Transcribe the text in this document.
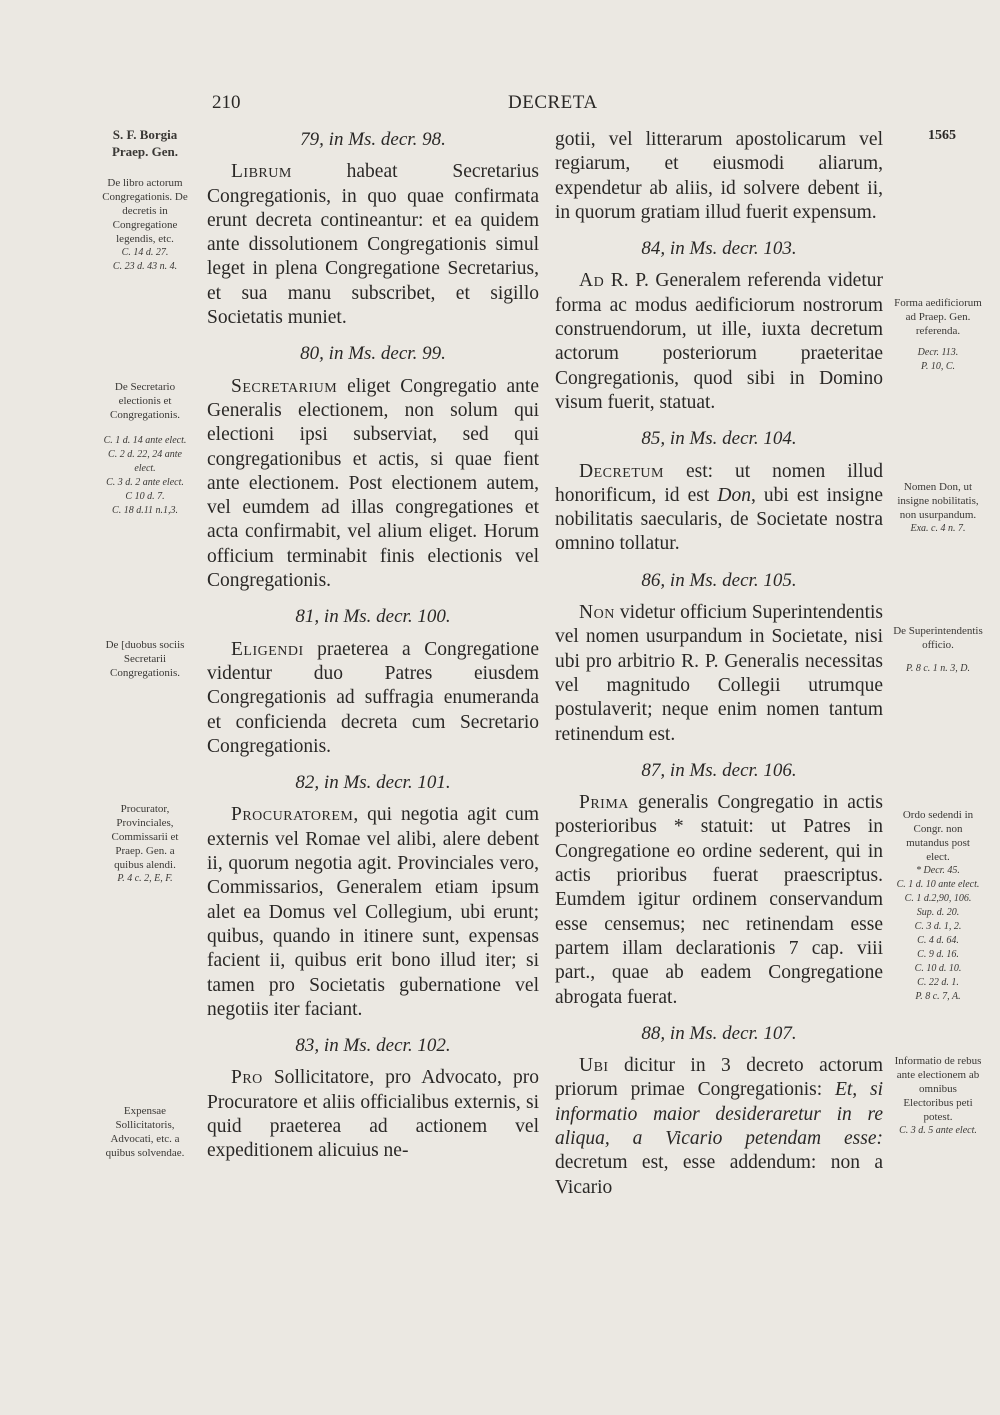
210	DECRETA
1565
S. F. Borgia Praep. Gen.
De libro actorum Congregationis. De decretis in Congregatione legendis, etc.
C. 14 d. 27.
C. 23 d. 43 n. 4.
De Secretario electionis et Congregationis.
C. 1 d. 14 ante elect.
C. 2 d. 22, 24 ante elect.
C. 3 d. 2 ante elect.
C 10 d. 7.
C. 18 d.11 n.1,3.
De [duobus sociis Secretarii Congregationis.
Procurator, Provinciales, Commissarii et Praep. Gen. a quibus alendi.
P. 4 c. 2, E, F.
Expensae Sollicitatoris, Advocati, etc. a quibus solvendae.
Forma aedificiorum ad Praep. Gen. referenda.
Decr. 113.
P. 10, C.
Nomen Don, ut insigne nobilitatis, non usurpandum.
Exa. c. 4 n. 7.
De Superintendentis officio.
P. 8 c. 1 n. 3, D.
Ordo sedendi in Congr. non mutandus post elect.
* Decr. 45.
C. 1 d. 10 ante elect.
C. 1 d.2,90, 106.
Sup. d. 20.
C. 3 d. 1, 2.
C. 4 d. 64.
C. 9 d. 16.
C. 10 d. 10.
C. 22 d. 1.
P. 8 c. 7, A.
Informatio de rebus ante electionem ab omnibus Electoribus peti potest.
C. 3 d. 5 ante elect.
79, in Ms. decr. 98.

Librum habeat Secretarius Congregationis, in quo quae confirmata erunt decreta contineantur: et ea quidem ante dissolutionem Congregationis simul leget in plena Congregatione Secretarius, et sua manu subscribet, et sigillo Societatis muniet.

80, in Ms. decr. 99.

Secretarium eliget Congregatio ante Generalis electionem, non solum qui electioni ipsi subserviat, sed qui congregationibus et actis, si quae fient ante electionem. Post electionem autem, vel eumdem ad illas congregationes et acta confirmabit, vel alium eliget. Horum officium terminabit finis electionis vel Congregationis.

81, in Ms. decr. 100.

Eligendi praeterea a Congregatione videntur duo Patres eiusdem Congregationis ad suffragia enumeranda et conficienda decreta cum Secretario Congregationis.

82, in Ms. decr. 101.

Procuratorem, qui negotia agit cum externis vel Romae vel alibi, alere debent ii, quorum negotia agit. Provinciales vero, Commissarios, Generalem etiam ipsum alet ea Domus vel Collegium, ubi erunt; quibus, quando in itinere sunt, expensas facient ii, quibus erit bono illud iter; si tamen pro Societatis gubernatione vel negotiis iter faciant.

83, in Ms. decr. 102.

Pro Sollicitatore, pro Advocato, pro Procuratore et aliis officialibus externis, si quid praeterea ad actionem vel expeditionem alicuius ne-

gotii, vel litterarum apostolicarum vel regiarum, et eiusmodi aliarum, expendetur ab aliis, id solvere debent ii, in quorum gratiam illud fuerit expensum.

84, in Ms. decr. 103.

Ad R. P. Generalem referenda videtur forma ac modus aedificiorum nostrorum construendorum, ut ille, iuxta decretum actorum posteriorum praeteritae Congregationis, quod sibi in Domino visum fuerit, statuat.

85, in Ms. decr. 104.

Decretum est: ut nomen illud honorificum, id est Don, ubi est insigne nobilitatis saecularis, de Societate nostra omnino tollatur.

86, in Ms. decr. 105.

Non videtur officium Superintendentis vel nomen usurpandum in Societate, nisi ubi pro arbitrio R. P. Generalis necessitas vel magnitudo Collegii utrumque postulaverit; neque enim nomen tantum retinendum est.

87, in Ms. decr. 106.

Prima generalis Congregatio in actis posterioribus * statuit: ut Patres in Congregatione eo ordine sederent, qui in actis prioribus fuerat praescriptus. Eumdem igitur ordinem conservandum esse censemus; nec retinendam esse partem illam declarationis 7 cap. viii part., quae ab eadem Congregatione abrogata fuerat.

88, in Ms. decr. 107.

Ubi dicitur in 3 decreto actorum priorum primae Congregationis: Et, si informatio maior desideraretur in re aliqua, a Vicario petendam esse: decretum est, esse addendum: non a Vicario
